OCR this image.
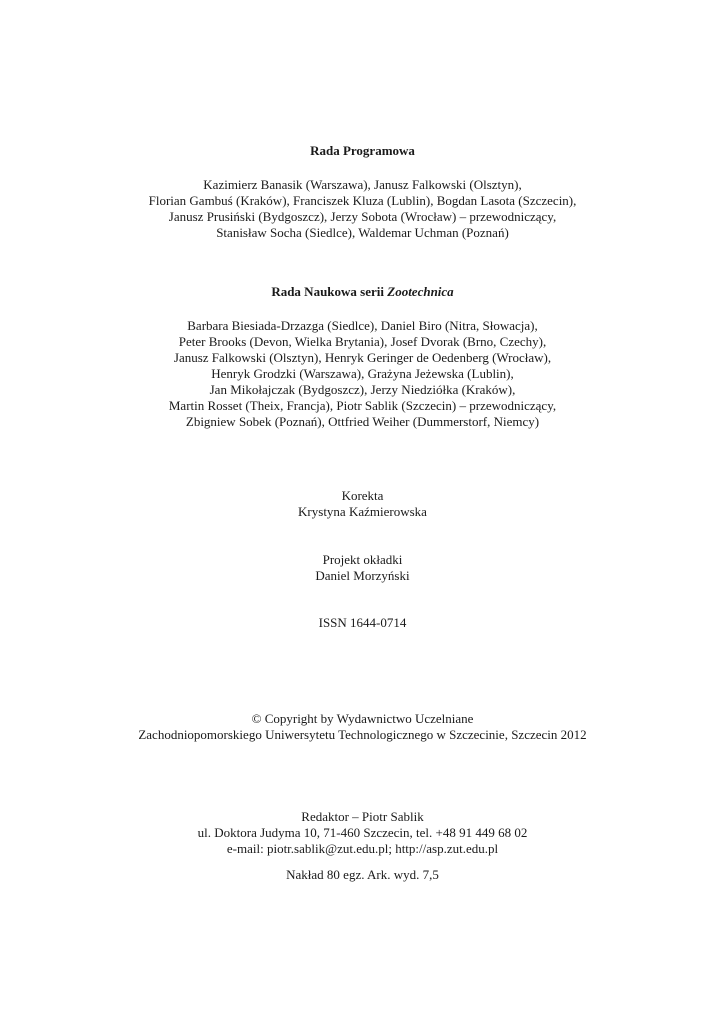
Rada Programowa
Kazimierz Banasik (Warszawa), Janusz Falkowski (Olsztyn),
Florian Gambuś (Kraków), Franciszek Kluza (Lublin), Bogdan Lasota (Szczecin),
Janusz Prusiński (Bydgoszcz), Jerzy Sobota (Wrocław) – przewodniczący,
Stanisław Socha (Siedlce), Waldemar Uchman (Poznań)
Rada Naukowa serii Zootechnica
Barbara Biesiada-Drzazga (Siedlce), Daniel Biro (Nitra, Słowacja),
Peter Brooks (Devon, Wielka Brytania), Josef Dvorak (Brno, Czechy),
Janusz Falkowski (Olsztyn), Henryk Geringer de Oedenberg (Wrocław),
Henryk Grodzki (Warszawa), Grażyna Jeżewska (Lublin),
Jan Mikołajczak (Bydgoszcz), Jerzy Niedziółka (Kraków),
Martin Rosset (Theix, Francja), Piotr Sablik (Szczecin) – przewodniczący,
Zbigniew Sobek (Poznań), Ottfried Weiher (Dummerstorf, Niemcy)
Korekta
Krystyna Kaźmierowska
Projekt okładki
Daniel Morzyński
ISSN 1644-0714
© Copyright by Wydawnictwo Uczelniane
Zachodniopomorskiego Uniwersytetu Technologicznego w Szczecinie, Szczecin 2012
Redaktor – Piotr Sablik
ul. Doktora Judyma 10, 71-460 Szczecin, tel. +48 91 449 68 02
e-mail: piotr.sablik@zut.edu.pl; http://asp.zut.edu.pl
Nakład 80 egz. Ark. wyd. 7,5
